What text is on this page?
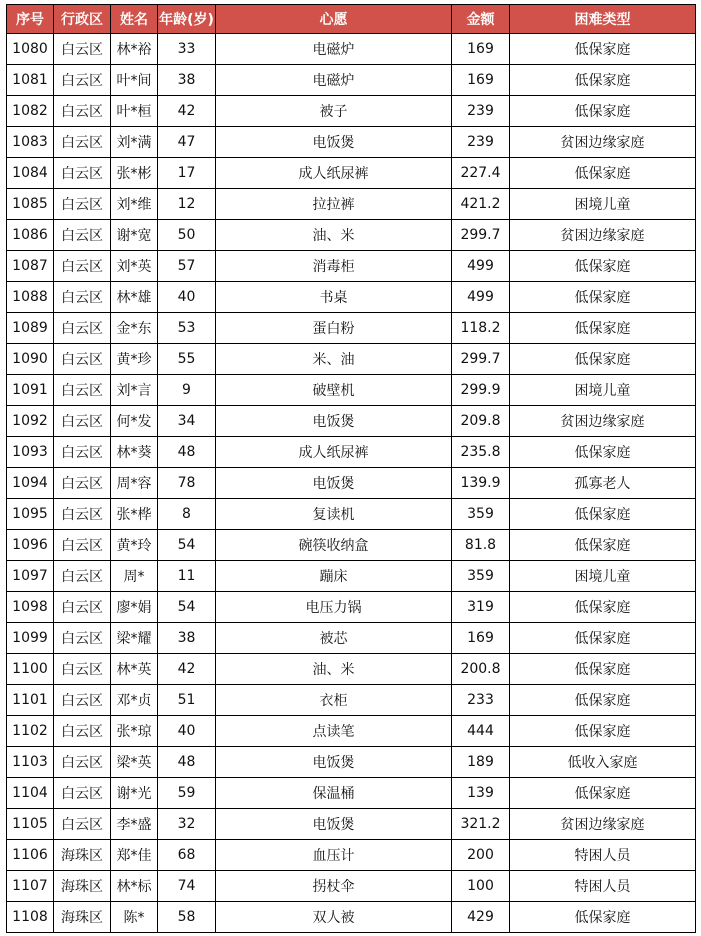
序号	行政区	姓名	年龄(岁)	心愿	金额	困难类型
1080	白云区	林*裕	33	电磁炉	169	低保家庭
1081	白云区	叶*间	38	电磁炉	169	低保家庭
1082	白云区	叶*桓	42	被子	239	低保家庭
1083	白云区	刘*满	47	电饭煲	239	贫困边缘家庭
1084	白云区	张*彬	17	成人纸尿裤	227.4	低保家庭
1085	白云区	刘*维	12	拉拉裤	421.2	困境儿童
1086	白云区	谢*宽	50	油、米	299.7	贫困边缘家庭
1087	白云区	刘*英	57	消毒柜	499	低保家庭
1088	白云区	林*雄	40	书桌	499	低保家庭
1089	白云区	金*东	53	蛋白粉	118.2	低保家庭
1090	白云区	黄*珍	55	米、油	299.7	低保家庭
1091	白云区	刘*言	9	破壁机	299.9	困境儿童
1092	白云区	何*发	34	电饭煲	209.8	贫困边缘家庭
1093	白云区	林*葵	48	成人纸尿裤	235.8	低保家庭
1094	白云区	周*容	78	电饭煲	139.9	孤寡老人
1095	白云区	张*桦	8	复读机	359	低保家庭
1096	白云区	黄*玲	54	碗筷收纳盒	81.8	低保家庭
1097	白云区	周*	11	蹦床	359	困境儿童
1098	白云区	廖*娟	54	电压力锅	319	低保家庭
1099	白云区	梁*耀	38	被芯	169	低保家庭
1100	白云区	林*英	42	油、米	200.8	低保家庭
1101	白云区	邓*贞	51	衣柜	233	低保家庭
1102	白云区	张*琼	40	点读笔	444	低保家庭
1103	白云区	梁*英	48	电饭煲	189	低收入家庭
1104	白云区	谢*光	59	保温桶	139	低保家庭
1105	白云区	李*盛	32	电饭煲	321.2	贫困边缘家庭
1106	海珠区	郑*佳	68	血压计	200	特困人员
1107	海珠区	林*标	74	拐杖伞	100	特困人员
1108	海珠区	陈*	58	双人被	429	低保家庭
